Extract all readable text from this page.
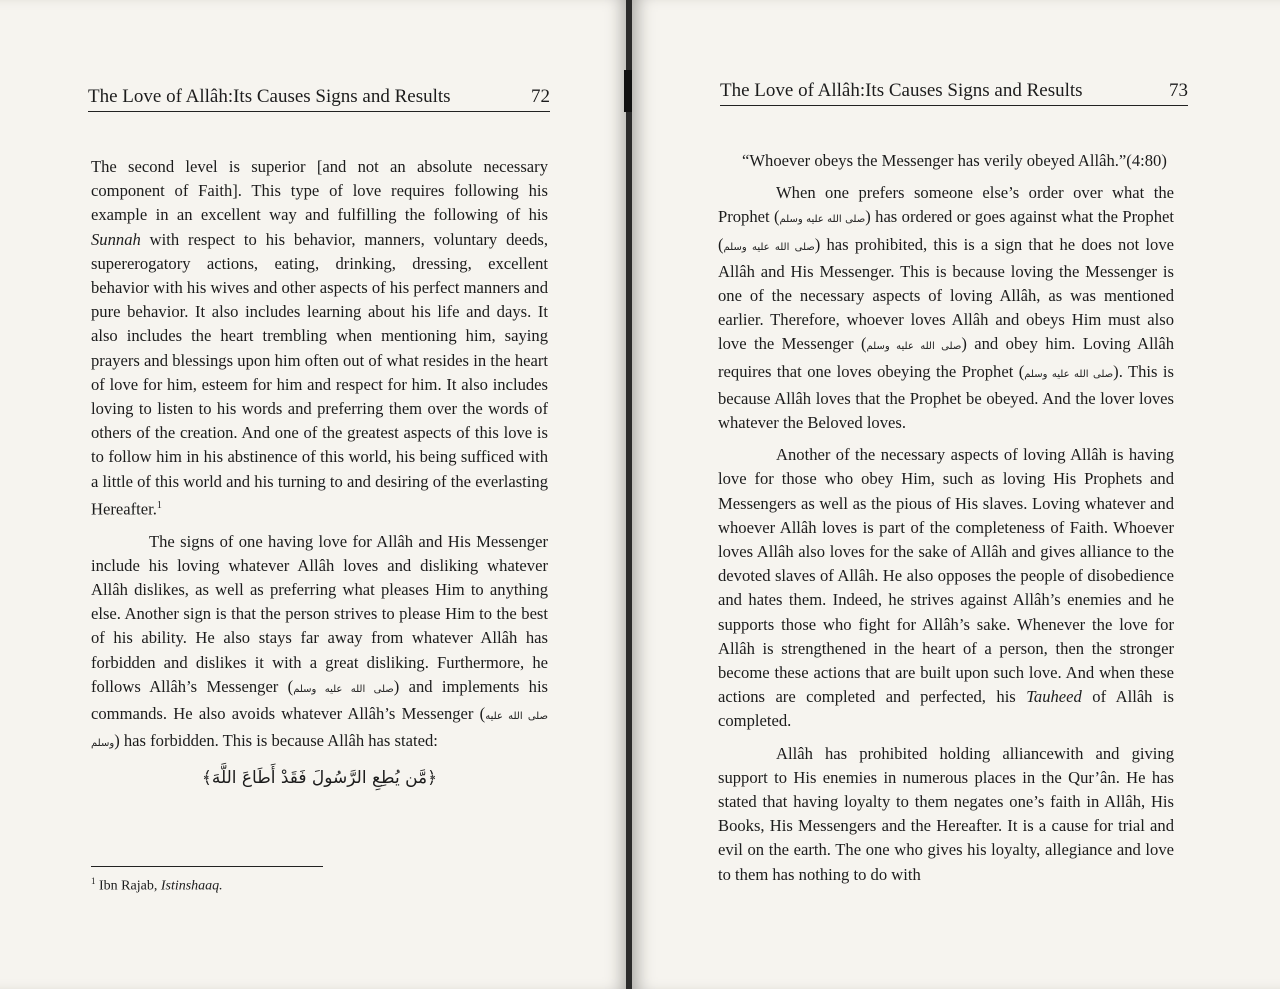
The Love of Allâh:Its Causes Signs and Results	72

The second level is superior [and not an absolute necessary component of Faith]. This type of love requires following his example in an excellent way and fulfilling the following of his Sunnah with respect to his behavior, manners, voluntary deeds, supererogatory actions, eating, drinking, dressing, excellent behavior with his wives and other aspects of his perfect manners and pure behavior. It also includes learning about his life and days. It also includes the heart trembling when mentioning him, saying prayers and blessings upon him often out of what resides in the heart of love for him, esteem for him and respect for him. It also includes loving to listen to his words and preferring them over the words of others of the creation. And one of the greatest aspects of this love is to follow him in his abstinence of this world, his being sufficed with a little of this world and his turning to and desiring of the everlasting Hereafter.$^1$

The signs of one having love for Allâh and His Messenger include his loving whatever Allâh loves and disliking whatever Allâh dislikes, as well as preferring what pleases Him to anything else. Another sign is that the person strives to please Him to the best of his ability. He also stays far away from whatever Allâh has forbidden and dislikes it with a great disliking. Furthermore, he follows Allâh’s Messenger (صلى الله عليه وسلم) and implements his commands. He also avoids whatever Allâh’s Messenger (صلى الله عليه وسلم) has forbidden. This is because Allâh has stated:

﴿مَّن يُطِعِ الرَّسُولَ فَقَدْ أَطَاعَ اللَّهَ﴾

$^1$ Ibn Rajab, Istinshaaq.
The Love of Allâh:Its Causes Signs and Results	73

“Whoever obeys the Messenger has verily obeyed Allâh.”(4:80)

When one prefers someone else’s order over what the Prophet (صلى الله عليه وسلم) has ordered or goes against what the Prophet (صلى الله عليه وسلم) has prohibited, this is a sign that he does not love Allâh and His Messenger. This is because loving the Messenger is one of the necessary aspects of loving Allâh, as was mentioned earlier. Therefore, whoever loves Allâh and obeys Him must also love the Messenger (صلى الله عليه وسلم) and obey him. Loving Allâh requires that one loves obeying the Prophet (صلى الله عليه وسلم). This is because Allâh loves that the Prophet be obeyed. And the lover loves whatever the Beloved loves.

Another of the necessary aspects of loving Allâh is having love for those who obey Him, such as loving His Prophets and Messengers as well as the pious of His slaves. Loving whatever and whoever Allâh loves is part of the completeness of Faith. Whoever loves Allâh also loves for the sake of Allâh and gives alliance to the devoted slaves of Allâh. He also opposes the people of disobedience and hates them. Indeed, he strives against Allâh’s enemies and he supports those who fight for Allâh’s sake. Whenever the love for Allâh is strengthened in the heart of a person, then the stronger become these actions that are built upon such love. And when these actions are completed and perfected, his Tauheed of Allâh is completed.

Allâh has prohibited holding alliancewith and giving support to His enemies in numerous places in the Qur’ân. He has stated that having loyalty to them negates one’s faith in Allâh, His Books, His Messengers and the Hereafter. It is a cause for trial and evil on the earth. The one who gives his loyalty, allegiance and love to them has nothing to do with
